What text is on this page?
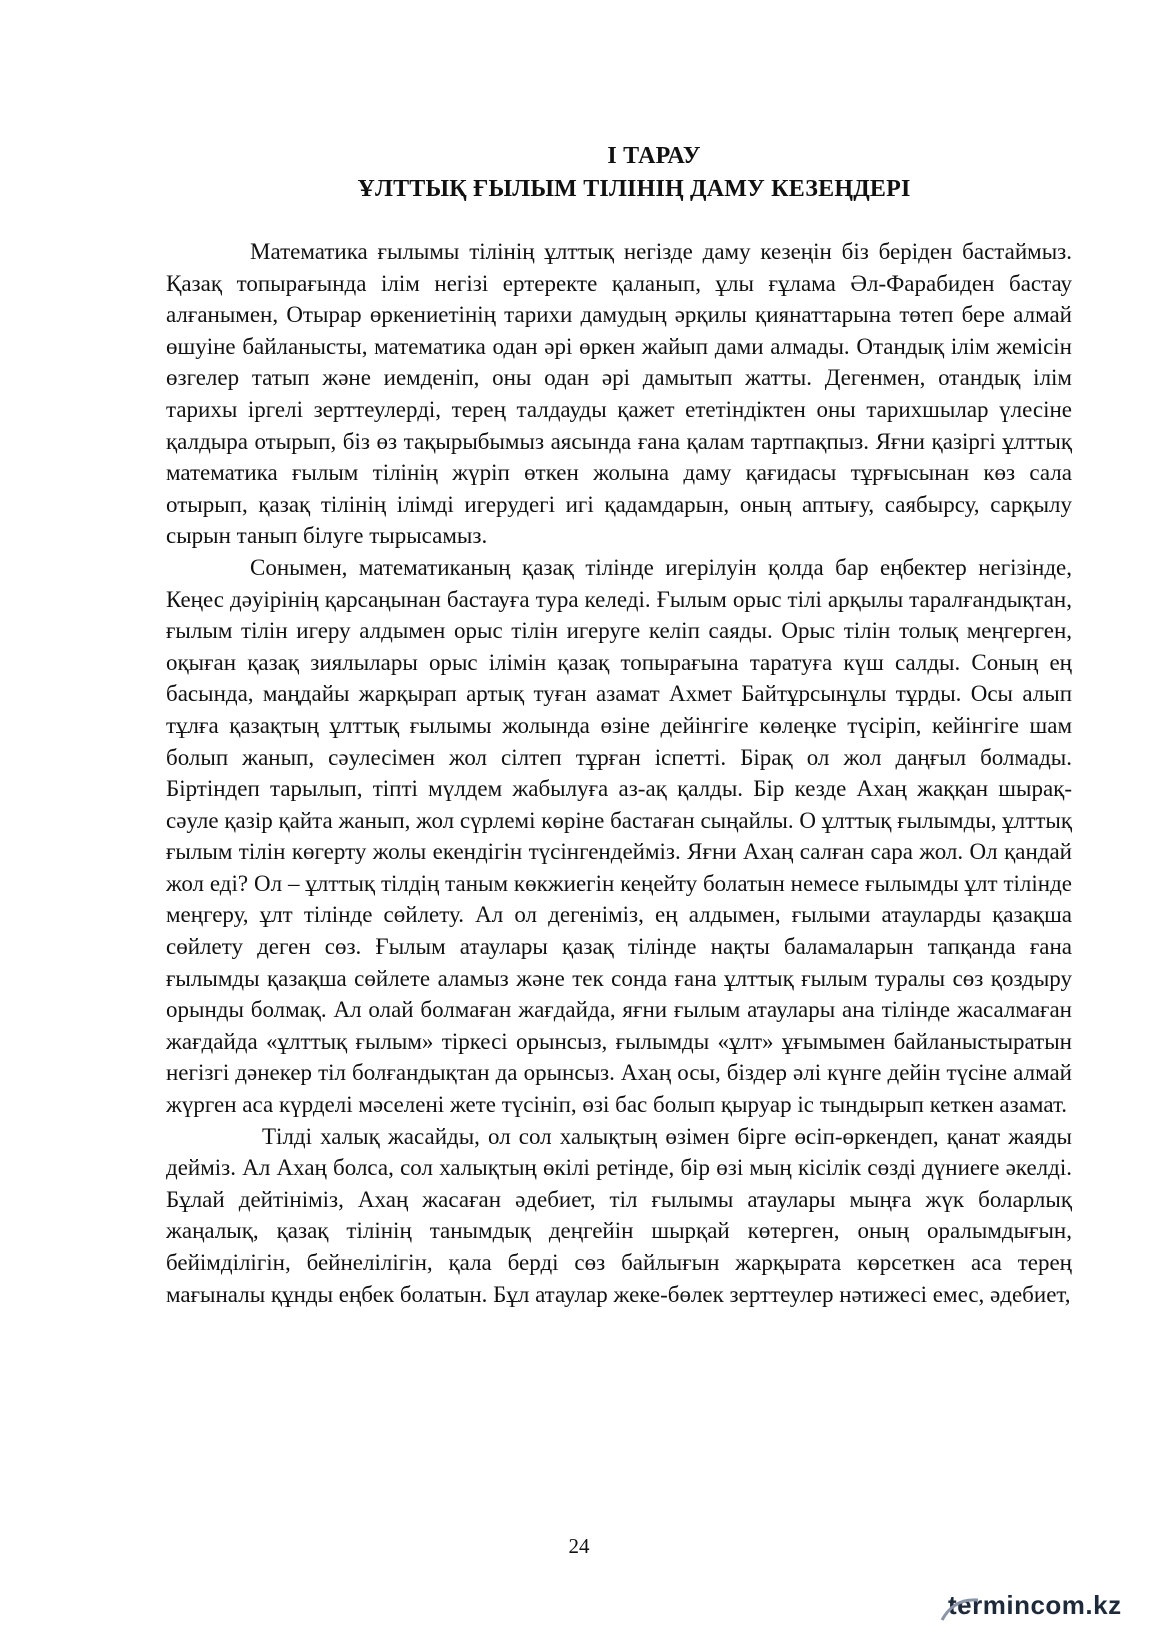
I ТАРАУ
ҰЛТТЫҚ ҒЫЛЫМ ТІЛІНІҢ ДАМУ КЕЗЕҢДЕРІ

Математика ғылымы тілінің ұлттық негізде даму кезеңін біз беріден бастаймыз. Қазақ топырағында ілім негізі ертеректе қаланып, ұлы ғұлама Әл-Фарабиден бастау алғанымен, Отырар өркениетінің тарихи дамудың әрқилы қиянаттарына төтеп бере алмай өшуіне байланысты, математика одан әрі өркен жайып дами алмады. Отандық ілім жемісін өзгелер татып және иемденіп, оны одан әрі дамытып жатты. Дегенмен, отандық ілім тарихы іргелі зерттеулерді, терең талдауды қажет ететіндіктен оны тарихшылар үлесіне қалдыра отырып, біз өз тақырыбымыз аясында ғана қалам тартпақпыз. Яғни қазіргі ұлттық математика ғылым тілінің жүріп өткен жолына даму қағидасы тұрғысынан көз сала отырып, қазақ тілінің ілімді игерудегі игі қадамдарын, оның аптығу, саябырсу, сарқылу сырын танып білуге тырысамыз.

Сонымен, математиканың қазақ тілінде игерілуін қолда бар еңбектер негізінде, Кеңес дәуірінің қарсаңынан бастауға тура келеді. Ғылым орыс тілі арқылы таралғандықтан, ғылым тілін игеру алдымен орыс тілін игеруге келіп саяды. Орыс тілін толық меңгерген, оқыған қазақ зиялылары орыс ілімін қазақ топырағына таратуға күш салды. Соның ең басында, маңдайы жарқырап артық туған азамат Ахмет Байтұрсынұлы тұрды. Осы алып тұлға қазақтың ұлттық ғылымы жолында өзіне дейінгіге көлеңке түсіріп, кейінгіге шам болып жанып, сәулесімен жол сілтеп тұрған іспетті. Бірақ ол жол даңғыл болмады. Біртіндеп тарылып, тіпті мүлдем жабылуға аз-ақ қалды. Бір кезде Ахаң жаққан шырақ-сәуле қазір қайта жанып, жол сүрлемі көріне бастаған сыңайлы. О ұлттық ғылымды, ұлттық ғылым тілін көгерту жолы екендігін түсінгендейміз. Яғни Ахаң салған сара жол. Ол қандай жол еді? Ол – ұлттық тілдің таным көкжиегін кеңейту болатын немесе ғылымды ұлт тілінде меңгеру, ұлт тілінде сөйлету. Ал ол дегеніміз, ең алдымен, ғылыми атауларды қазақша сөйлету деген сөз. Ғылым атаулары қазақ тілінде нақты баламаларын тапқанда ғана ғылымды қазақша сөйлете аламыз және тек сонда ғана ұлттық ғылым туралы сөз қоздыру орынды болмақ. Ал олай болмаған жағдайда, яғни ғылым атаулары ана тілінде жасалмаған жағдайда «ұлттық ғылым» тіркесі орынсыз, ғылымды «ұлт» ұғымымен байланыстыратын негізгі дәнекер тіл болғандықтан да орынсыз. Ахаң осы, біздер әлі күнге дейін түсіне алмай жүрген аса күрделі мәселені жете түсініп, өзі бас болып қыруар іс тындырып кеткен азамат.

Тілді халық жасайды, ол сол халықтың өзімен бірге өсіп-өркендеп, қанат жаяды дейміз. Ал Ахаң болса, сол халықтың өкілі ретінде, бір өзі мың кісілік сөзді дүниеге әкелді. Бұлай дейтініміз, Ахаң жасаған әдебиет, тіл ғылымы атаулары мыңға жүк боларлық жаңалық, қазақ тілінің танымдық деңгейін шырқай көтерген, оның оралымдығын, бейімділігін, бейнелілігін, қала берді сөз байлығын жарқырата көрсеткен аса терең мағыналы құнды еңбек болатын. Бұл атаулар жеке-бөлек зерттеулер нәтижесі емес, әдебиет,

24
termincom.kz
